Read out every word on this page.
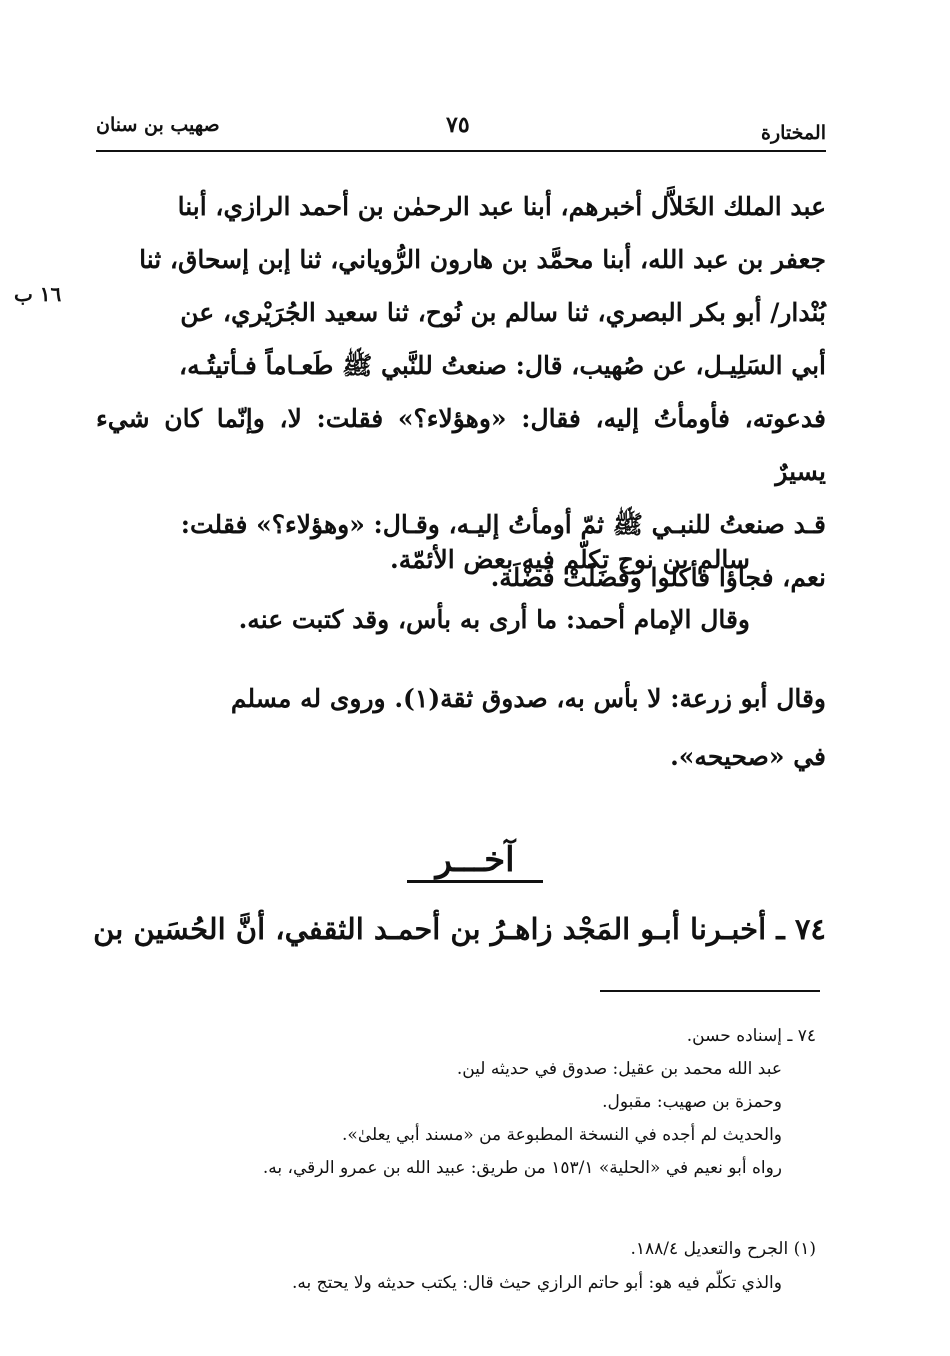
المختارة
٧٥
صهيب بن سنان
١٦ ب
عبد الملك الخَلاَّل أخبرهم، أبنا عبد الرحمٰن بن أحمد الرازي، أبنا
جعفر بن عبد الله، أبنا محمَّد بن هارون الرُّوياني، ثنا إبن إسحاق، ثنا
بُنْدار/ أبو بكر البصري، ثنا سالم بن نُوح، ثنا سعيد الجُرَيْري، عن
أبي السَلِيـل، عن صُهيب، قال: صنعتُ للنَّبي ﷺ طَعـاماً فـأتيتُـه،
فدعوته، فأومأتُ إليه، فقال: «وهؤلاء؟» فقلت: لا، وإنّما كان شيء يسيرٌ
قـد صنعتُ للنبـي ﷺ ثمّ أومأتُ إليـه، وقـال: «وهؤلاء؟» فقلت:
نعم، فجاؤا فأكلوا وفَضَلَتْ فَضْلَة.
سالم بن نوح تكلّم فيه بعض الأئمّة.
وقال الإمام أحمد: ما أرى به بأس، وقد كتبت عنه.
وقال أبو زرعة: لا بأس به، صدوق ثقة(١). وروى له مسلم
في «صحيحه».
آخـــر
٧٤ ـ أخبـرنا أبـو المَجْد زاهـرُ بن أحمـد الثقفي، أنَّ الحُسَين بن
٧٤ ـ إسناده حسن.
عبد الله محمد بن عقيل: صدوق في حديثه لين.
وحمزة بن صهيب: مقبول.
والحديث لم أجده في النسخة المطبوعة من «مسند أبي يعلىٰ».
رواه أبو نعيم في «الحلية» ١٥٣/١ من طريق: عبيد الله بن عمرو الرقي، به.
(١) الجرح والتعديل ١٨٨/٤.
والذي تكلّم فيه هو: أبو حاتم الرازي حيث قال: يكتب حديثه ولا يحتج به.
